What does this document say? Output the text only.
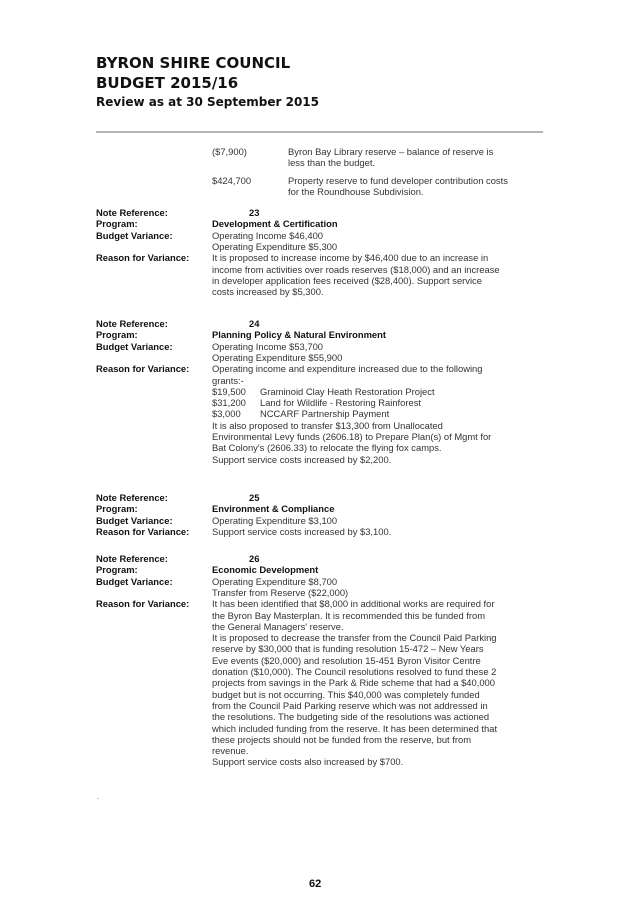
BYRON SHIRE COUNCIL
BUDGET 2015/16
Review as at 30 September 2015
($7,900)	Byron Bay Library reserve – balance of reserve is
less than the budget.
$424,700	Property reserve to fund developer contribution costs
for the Roundhouse Subdivision.
Note Reference:	23
Program:	Development & Certification
Budget Variance:	Operating Income $46,400
Operating Expenditure $5,300
Reason for Variance: It is proposed to increase income by $46,400 due to an increase in
income from activities over roads reserves ($18,000) and an increase
in developer application fees received ($28,400). Support service
costs increased by $5,300.
Note Reference:	24
Program:	Planning Policy & Natural Environment
Budget Variance:	Operating Income $53,700
Operating Expenditure $55,900
Reason for Variance: Operating income and expenditure increased due to the following
grants:-
$19,500 Graminoid Clay Heath Restoration Project
$31,200 Land for Wildlife - Restoring Rainforest
$3,000 NCCARF Partnership Payment
It is also proposed to transfer $13,300 from Unallocated
Environmental Levy funds (2606.18) to Prepare Plan(s) of Mgmt for
Bat Colony's (2606.33) to relocate the flying fox camps.
Support service costs increased by $2,200.
Note Reference:	25
Program:	Environment & Compliance
Budget Variance:	Operating Expenditure $3,100
Reason for Variance: Support service costs increased by $3,100.
Note Reference:	26
Program:	Economic Development
Budget Variance:	Operating Expenditure $8,700
Transfer from Reserve ($22,000)
Reason for Variance: It has been identified that $8,000 in additional works are required for
the Byron Bay Masterplan. It is recommended this be funded from
the General Managers' reserve.
It is proposed to decrease the transfer from the Council Paid Parking
reserve by $30,000 that is funding resolution 15-472 – New Years
Eve events ($20,000) and resolution 15-451 Byron Visitor Centre
donation ($10,000). The Council resolutions resolved to fund these 2
projects from savings in the Park & Ride scheme that had a $40,000
budget but is not occurring. This $40,000 was completely funded
from the Council Paid Parking reserve which was not addressed in
the resolutions. The budgeting side of the resolutions was actioned
which included funding from the reserve. It has been determined that
these projects should not be funded from the reserve, but from
revenue.
Support service costs also increased by $700.
.
62
